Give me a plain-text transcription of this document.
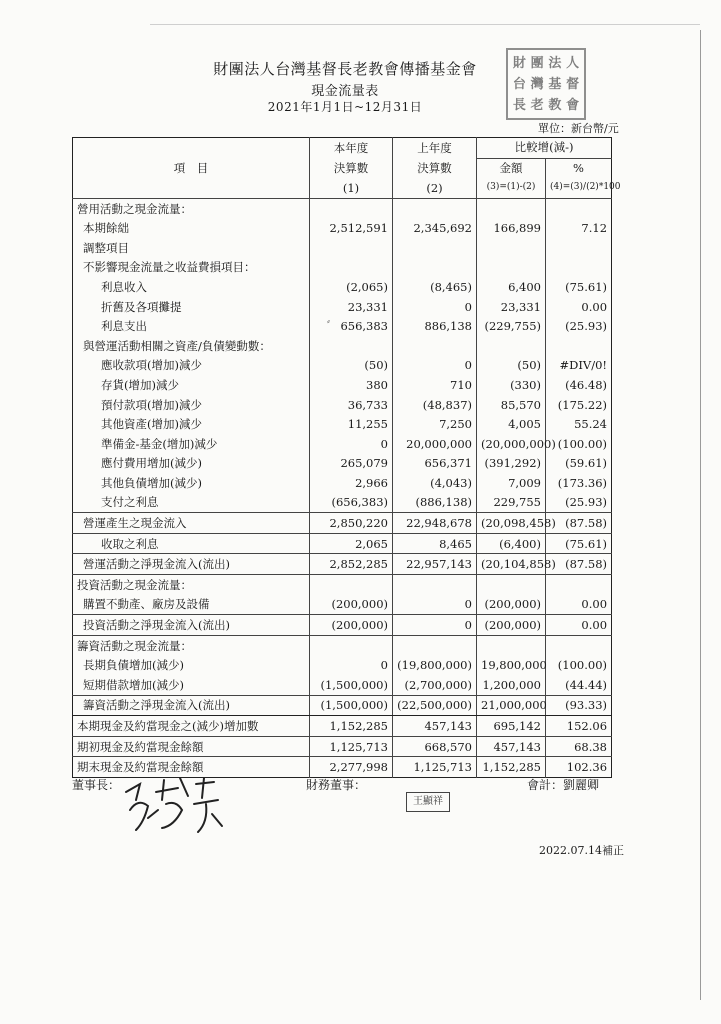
財團法人台灣基督長老教會傳播基金會
現金流量表
2021年1月1日~12月31日
財 團 法 人
台 灣 基 督
長 老 教 會
單位：新台幣/元
	本年度	上年度	比較增(減-)	
項　目	決算數	決算數	金額	%
	(1)	(2)	(3)=(1)-(2)	(4)=(3)/(2)*100
營用活動之現金流量：				
本期餘絀	2,512,591	2,345,692	166,899	7.12
調整項目				
不影響現金流量之收益費損項目：				
利息收入	(2,065)	(8,465)	6,400	(75.61)
折舊及各項攤提	23,331	0	23,331	0.00
利息支出	656,383	886,138	(229,755)	(25.93)
與營運活動相關之資產/負債變動數：				
應收款項(增加)減少	(50)	0	(50)	#DIV/0!
存貨(增加)減少	380	710	(330)	(46.48)
預付款項(增加)減少	36,733	(48,837)	85,570	(175.22)
其他資產(增加)減少	11,255	7,250	4,005	55.24
準備金-基金(增加)減少	0	20,000,000	(20,000,000)	(100.00)
應付費用增加(減少)	265,079	656,371	(391,292)	(59.61)
其他負債增加(減少)	2,966	(4,043)	7,009	(173.36)
支付之利息	(656,383)	(886,138)	229,755	(25.93)
營運產生之現金流入	2,850,220	22,948,678	(20,098,458)	(87.58)
收取之利息	2,065	8,465	(6,400)	(75.61)
營運活動之淨現金流入(流出)	2,852,285	22,957,143	(20,104,858)	(87.58)
投資活動之現金流量：				
購置不動產、廠房及設備	(200,000)	0	(200,000)	0.00
投資活動之淨現金流入(流出)	(200,000)	0	(200,000)	0.00
籌資活動之現金流量：				
長期負債增加(減少)	0	(19,800,000)	19,800,000	(100.00)
短期借款增加(減少)	(1,500,000)	(2,700,000)	1,200,000	(44.44)
籌資活動之淨現金流入(流出)	(1,500,000)	(22,500,000)	21,000,000	(93.33)
本期現金及約當現金之(減少)增加數	1,152,285	457,143	695,142	152.06
期初現金及約當現金餘額	1,125,713	668,570	457,143	68.38
期末現金及約當現金餘額	2,277,998	1,125,713	1,152,285	102.36
⸗
董事長：	財務董事：
王顯祥
會計：劉麗卿
2022.07.14補正
